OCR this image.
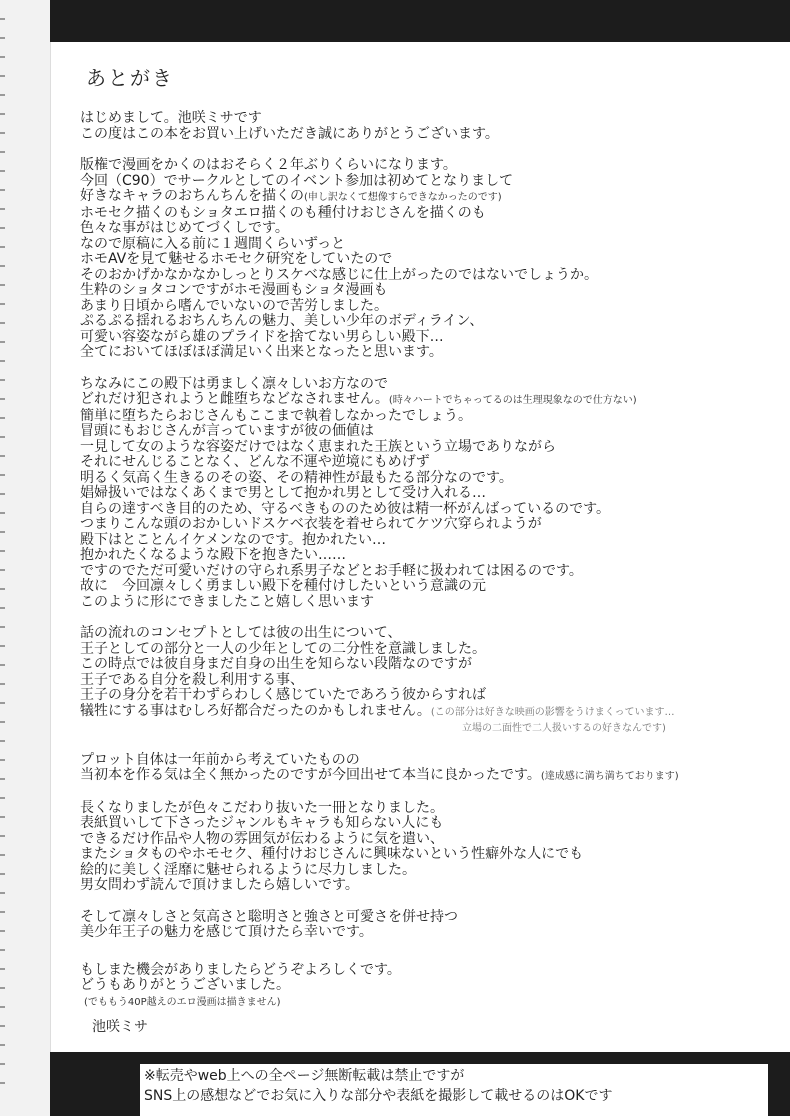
あとがき
はじめまして。池咲ミサです
この度はこの本をお買い上げいただき誠にありがとうございます。
版権で漫画をかくのはおそらく２年ぶりくらいになります。
今回（C90）でサークルとしてのイベント参加は初めてとなりまして
好きなキャラのおちんちんを描くの(申し訳なくて想像すらできなかったのです)
ホモセク描くのもショタエロ描くのも種付けおじさんを描くのも
色々な事がはじめてづくしです。
なので原稿に入る前に１週間くらいずっと
ホモAVを見て魅せるホモセク研究をしていたので
そのおかげかなかなかしっとりスケベな感じに仕上がったのではないでしょうか。
生粋のショタコンですがホモ漫画もショタ漫画も
あまり日頃から嗜んでいないので苦労しました。
ぷるぷる揺れるおちんちんの魅力、美しい少年のボディライン、
可愛い容姿ながら雄のプライドを捨てない男らしい殿下…
全てにおいてほぼほぼ満足いく出来となったと思います。
ちなみにこの殿下は勇ましく凛々しいお方なので
どれだけ犯されようと雌堕ちなどなされません。(時々ハートでちゃってるのは生理現象なので仕方ない)
簡単に堕ちたらおじさんもここまで執着しなかったでしょう。
冒頭にもおじさんが言っていますが彼の価値は
一見して女のような容姿だけではなく恵まれた王族という立場でありながら
それにせんじることなく、どんな不運や逆境にもめげず
明るく気高く生きるのその姿、その精神性が最もたる部分なのです。
娼婦扱いではなくあくまで男として抱かれ男として受け入れる…
自らの達すべき目的のため、守るべきもののため彼は精一杯がんばっているのです。
つまりこんな頭のおかしいドスケベ衣装を着せられてケツ穴穿られようが
殿下はとことんイケメンなのです。抱かれたい…
抱かれたくなるような殿下を抱きたい……
ですのでただ可愛いだけの守られ系男子などとお手軽に扱われては困るのです。
故に　今回凛々しく勇ましい殿下を種付けしたいという意識の元
このように形にできましたこと嬉しく思います
話の流れのコンセプトとしては彼の出生について、
王子としての部分と一人の少年としての二分性を意識しました。
この時点では彼自身まだ自身の出生を知らない段階なのですが
王子である自分を殺し利用する事、
王子の身分を若干わずらわしく感じていたであろう彼からすれば
犠牲にする事はむしろ好都合だったのかもしれません。(この部分は好きな映画の影響をうけまくっています…
立場の二面性で二人扱いするの好きなんです)
プロット自体は一年前から考えていたものの
当初本を作る気は全く無かったのですが今回出せて本当に良かったです。(達成感に満ち満ちております)
長くなりましたが色々こだわり抜いた一冊となりました。
表紙買いして下さったジャンルもキャラも知らない人にも
できるだけ作品や人物の雰囲気が伝わるように気を遣い、
またショタものやホモセク、種付けおじさんに興味ないという性癖外な人にでも
絵的に美しく淫靡に魅せられるように尽力しました。
男女問わず読んで頂けましたら嬉しいです。
そして凛々しさと気高さと聡明さと強さと可愛さを併せ持つ
美少年王子の魅力を感じて頂けたら幸いです。
もしまた機会がありましたらどうぞよろしくです。
どうもありがとうございました。
(でももう40P越えのエロ漫画は描きません)
池咲ミサ
※転売やweb上への全ページ無断転載は禁止ですが
SNS上の感想などでお気に入りな部分や表紙を撮影して載せるのはOKです
